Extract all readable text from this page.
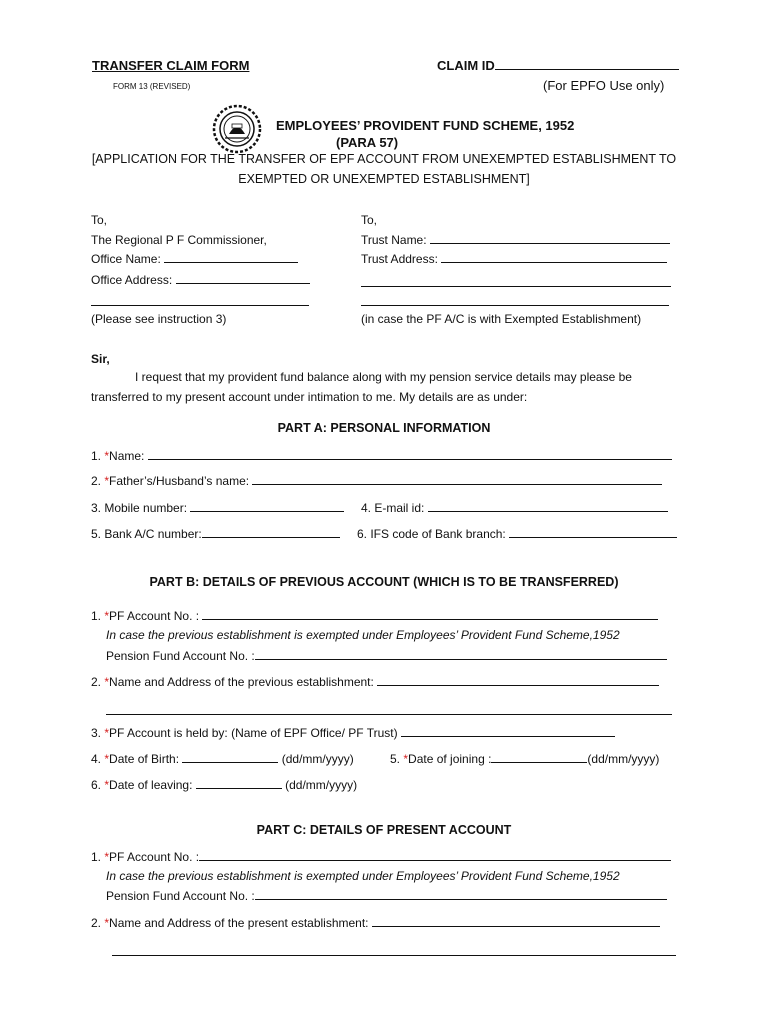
TRANSFER CLAIM FORM
FORM 13 (REVISED)
CLAIM ID
(For EPFO Use only)
EMPLOYEES’ PROVIDENT FUND SCHEME, 1952
(PARA 57)
[APPLICATION FOR THE TRANSFER OF EPF ACCOUNT FROM UNEXEMPTED ESTABLISHMENT TO
EXEMPTED OR UNEXEMPTED ESTABLISHMENT]
To,
The Regional P F Commissioner,
Office Name:
Office Address:
(Please see instruction 3)
To,
Trust Name:
Trust Address:
(in case the PF A/C is with Exempted Establishment)
Sir,
I request that my provident fund balance along with my pension service details may please be
transferred to my present account under intimation to me. My details are as under:
PART A: PERSONAL INFORMATION
1. *Name:
2. *Father’s/Husband’s name:
3. Mobile number:	4. E-mail id:
5. Bank A/C number:	6. IFS code of Bank branch:
PART B: DETAILS OF PREVIOUS ACCOUNT (WHICH IS TO BE TRANSFERRED)
1. *PF Account No. :
In case the previous establishment is exempted under Employees’ Provident Fund Scheme,1952
Pension Fund Account No. :
2. *Name and Address of the previous establishment:
3. *PF Account is held by: (Name of EPF Office/ PF Trust)
4. *Date of Birth:	(dd/mm/yyyy)	5. *Date of joining :	(dd/mm/yyyy)
6. *Date of leaving:	(dd/mm/yyyy)
PART C: DETAILS OF PRESENT ACCOUNT
1. *PF Account No. :
In case the previous establishment is exempted under Employees’ Provident Fund Scheme,1952
Pension Fund Account No. :
2. *Name and Address of the present establishment:
